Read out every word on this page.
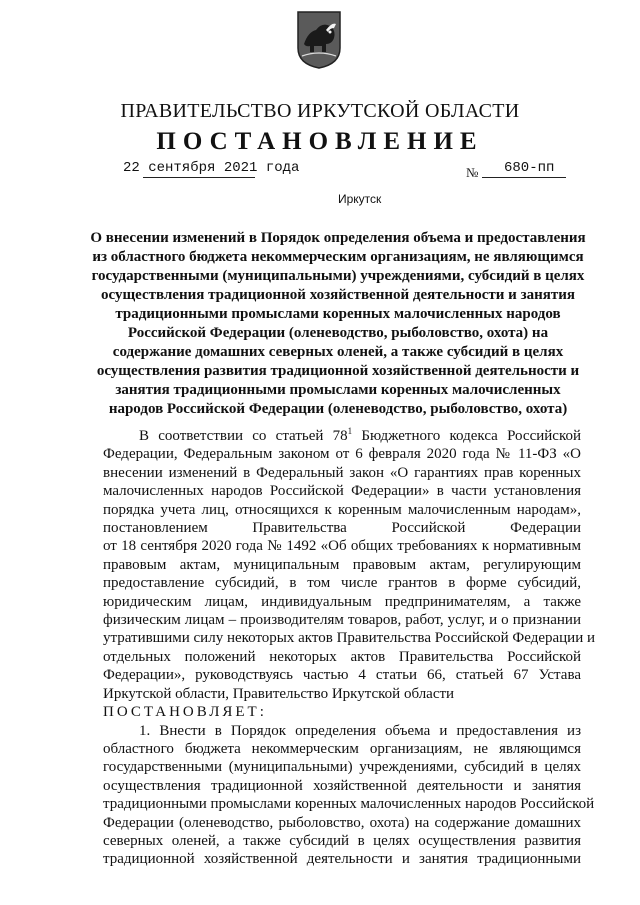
ПРАВИТЕЛЬСТВО ИРКУТСКОЙ ОБЛАСТИ
ПОСТАНОВЛЕНИЕ
22 сентября 2021 года	№ 680-пп
Иркутск
О внесении изменений в Порядок определения объема и предоставления
из областного бюджета некоммерческим организациям, не являющимся
государственными (муниципальными) учреждениями, субсидий в целях
осуществления традиционной хозяйственной деятельности и занятия
традиционными промыслами коренных малочисленных народов
Российской Федерации (оленеводство, рыболовство, охота) на
содержание домашних северных оленей, а также субсидий в целях
осуществления развития традиционной хозяйственной деятельности и
занятия традиционными промыслами коренных малочисленных
народов Российской Федерации (оленеводство, рыболовство, охота)
В соответствии со статьей $78^1$ Бюджетного кодекса Российской
Федерации, Федеральным законом от 6 февраля 2020 года № 11-ФЗ «О
внесении изменений в Федеральный закон «О гарантиях прав коренных
малочисленных народов Российской Федерации» в части установления
порядка учета лиц, относящихся к коренным малочисленным народам»,
постановлением Правительства Российской Федерации
от 18 сентября 2020 года № 1492 «Об общих требованиях к нормативным
правовым актам, муниципальным правовым актам, регулирующим
предоставление субсидий, в том числе грантов в форме субсидий,
юридическим лицам, индивидуальным предпринимателям, а также
физическим лицам – производителям товаров, работ, услуг, и о признании
утратившими силу некоторых актов Правительства Российской Федерации и
отдельных положений некоторых актов Правительства Российской
Федерации», руководствуясь частью 4 статьи 66, статьей 67 Устава
Иркутской области, Правительство Иркутской области
ПОСТАНОВЛЯЕТ:
1. Внести в Порядок определения объема и предоставления из
областного бюджета некоммерческим организациям, не являющимся
государственными (муниципальными) учреждениями, субсидий в целях
осуществления традиционной хозяйственной деятельности и занятия
традиционными промыслами коренных малочисленных народов Российской
Федерации (оленеводство, рыболовство, охота) на содержание домашних
северных оленей, а также субсидий в целях осуществления развития
традиционной хозяйственной деятельности и занятия традиционными
